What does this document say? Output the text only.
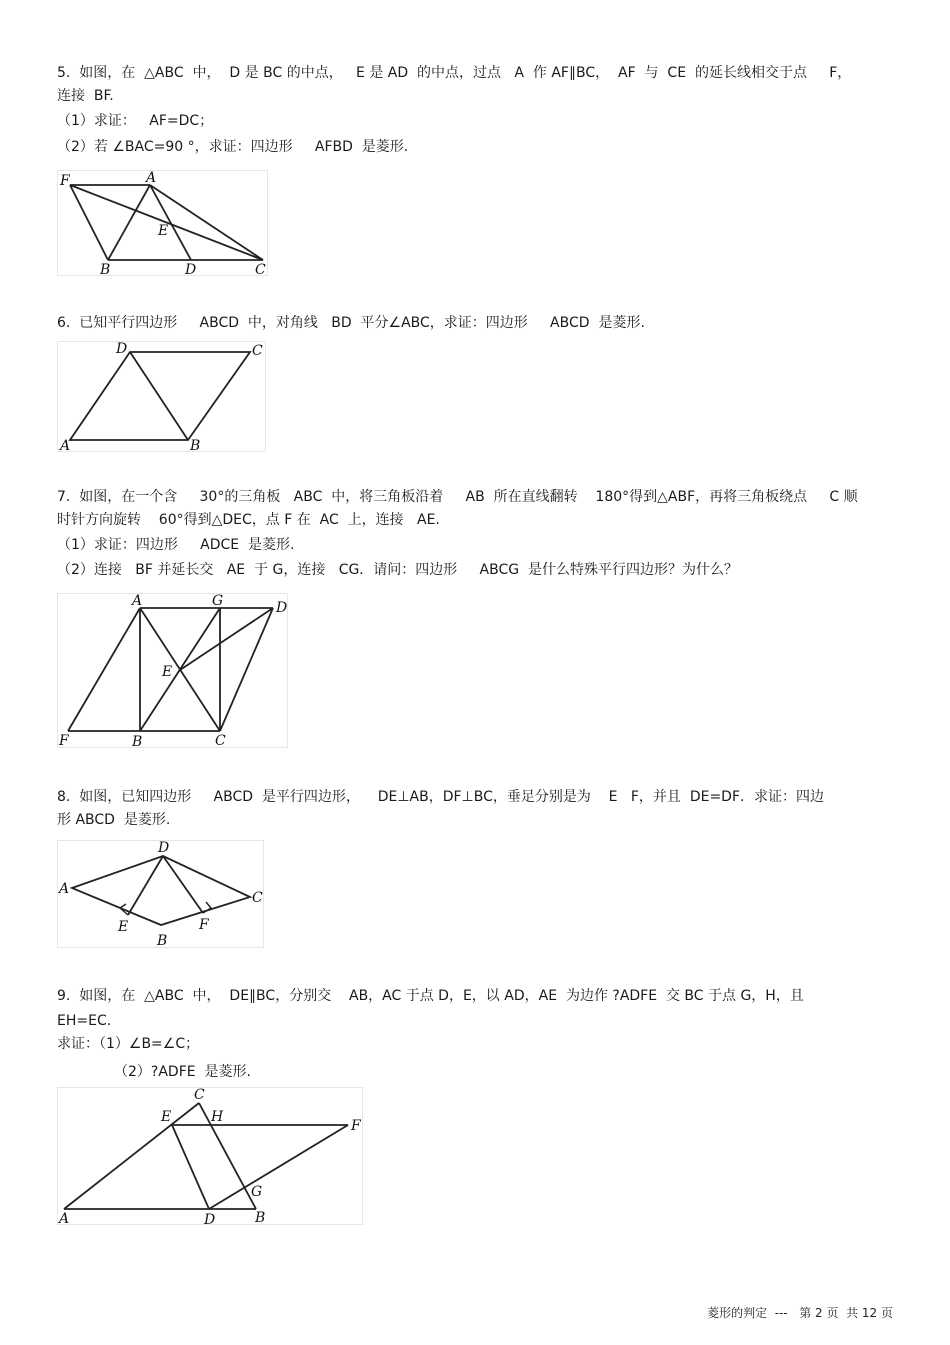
5.  如图，在  △ABC  中，  D 是 BC 的中点，   E 是 AD  的中点，过点   A  作 AF∥BC，  AF  与  CE  的延长线相交于点     F，
连接  BF.
（1）求证：   AF=DC；
（2）若 ∠BAC=90 °，求证：四边形     AFBD  是菱形.
F	A
E
B	D	C
6.  已知平行四边形     ABCD  中，对角线   BD  平分∠ABC，求证：四边形     ABCD  是菱形.
D	C
A	B
7.  如图，在一个含     30°的三角板   ABC  中，将三角板沿着     AB  所在直线翻转    180°得到△ABF，再将三角板绕点     C 顺
时针方向旋转    60°得到△DEC，点 F 在  AC  上，连接   AE.
（1）求证：四边形     ADCE  是菱形.
（2）连接   BF 并延长交   AE  于 G，连接   CG．请问：四边形     ABCG  是什么特殊平行四边形？为什么？
A	G	D
E
F	B	C
8.  如图，已知四边形     ABCD  是平行四边形，    DE⊥AB，DF⊥BC，垂足分别是为    E   F，并且  DE=DF．求证：四边
形 ABCD  是菱形.
D
A
C
E	F
B
9.  如图，在  △ABC  中，  DE∥BC，分别交    AB，AC 于点 D，E，以 AD，AE  为边作 ?ADFE  交 BC 于点 G，H，且
EH=EC.
求证：（1）∠B=∠C；
（2）?ADFE  是菱形.
C
E	H
F
G
A	D	B
菱形的判定  ---   第 2 页  共 12 页
